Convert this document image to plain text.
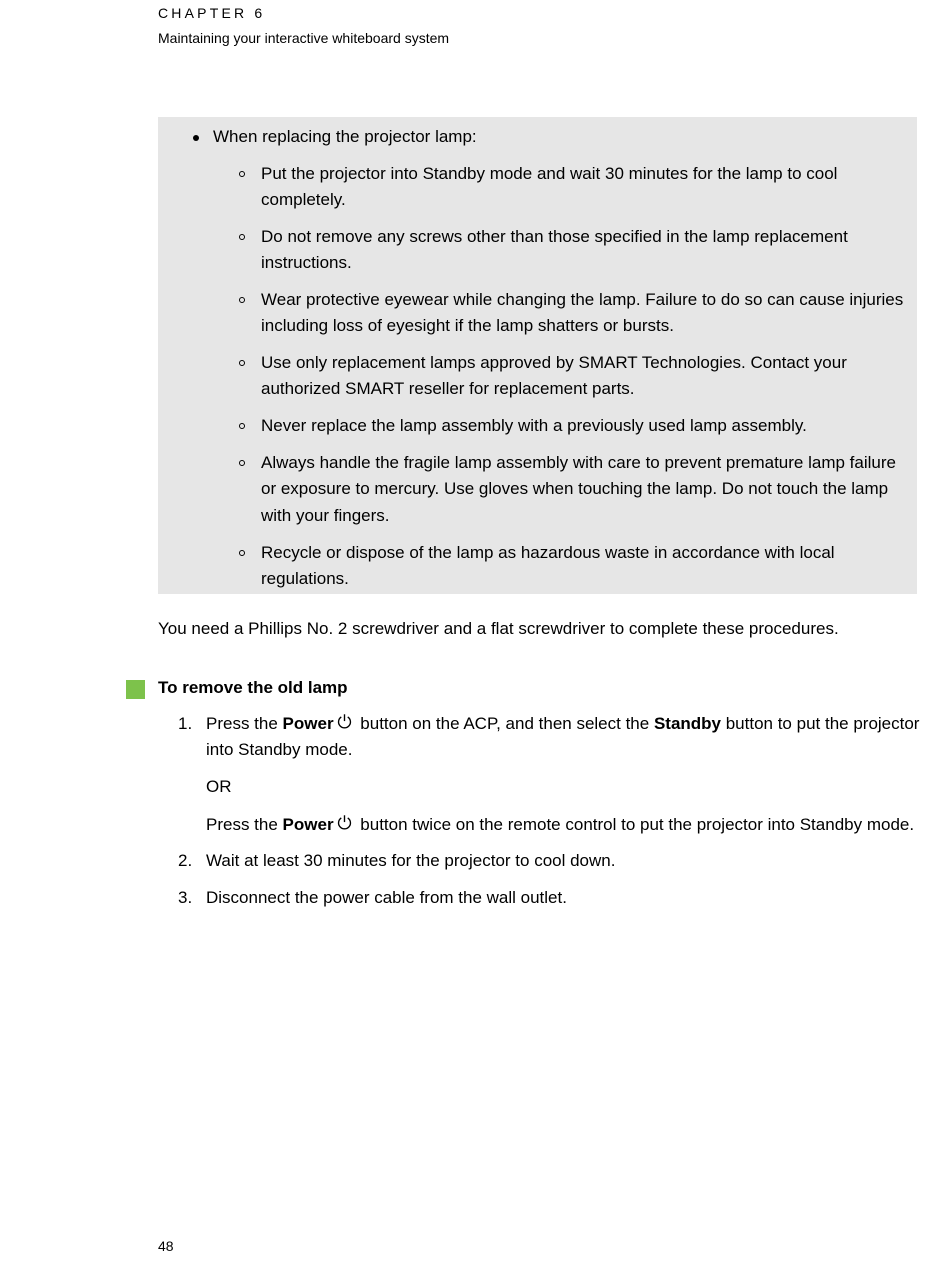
CHAPTER 6
Maintaining your interactive whiteboard system
When replacing the projector lamp:
Put the projector into Standby mode and wait 30 minutes for the lamp to cool completely.
Do not remove any screws other than those specified in the lamp replacement instructions.
Wear protective eyewear while changing the lamp. Failure to do so can cause injuries including loss of eyesight if the lamp shatters or bursts.
Use only replacement lamps approved by SMART Technologies. Contact your authorized SMART reseller for replacement parts.
Never replace the lamp assembly with a previously used lamp assembly.
Always handle the fragile lamp assembly with care to prevent premature lamp failure or exposure to mercury. Use gloves when touching the lamp. Do not touch the lamp with your fingers.
Recycle or dispose of the lamp as hazardous waste in accordance with local regulations.
You need a Phillips No. 2 screwdriver and a flat screwdriver to complete these procedures.
To remove the old lamp
1. Press the Power button on the ACP, and then select the Standby button to put the projector into Standby mode.
OR
Press the Power button twice on the remote control to put the projector into Standby mode.
2. Wait at least 30 minutes for the projector to cool down.
3. Disconnect the power cable from the wall outlet.
48
